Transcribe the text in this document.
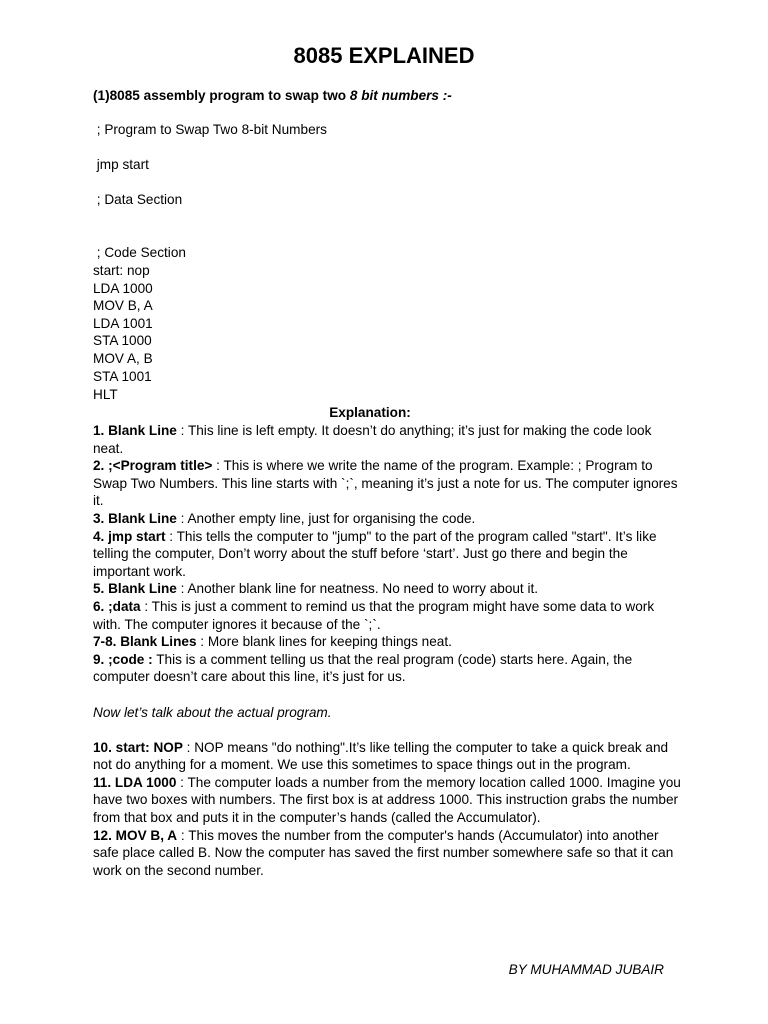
8085 EXPLAINED
(1)8085 assembly program to swap two 8 bit numbers :-
; Program to Swap Two 8-bit Numbers
jmp start
; Data Section
; Code Section
start: nop
LDA 1000
MOV B, A
LDA 1001
STA 1000
MOV A, B
STA 1001
HLT
Explanation:

1. Blank Line : This line is left empty. It doesn’t do anything; it’s just for making the code look neat.

2. ;<Program title> : This is where we write the name of the program. Example: ; Program to Swap Two Numbers. This line starts with `;`, meaning it’s just a note for us. The computer ignores it.

3. Blank Line : Another empty line, just for organising the code.

4. jmp start : This tells the computer to "jump" to the part of the program called "start". It’s like telling the computer, Don’t worry about the stuff before ‘start’. Just go there and begin the important work.

5. Blank Line : Another blank line for neatness. No need to worry about it.

6. ;data : This is just a comment to remind us that the program might have some data to work with. The computer ignores it because of the `;`.

7-8. Blank Lines : More blank lines for keeping things neat.

9. ;code : This is a comment telling us that the real program (code) starts here. Again, the computer doesn’t care about this line, it’s just for us.

Now let’s talk about the actual program.

10. start: NOP : NOP means "do nothing".It’s like telling the computer to take a quick break and not do anything for a moment. We use this sometimes to space things out in the program.

11. LDA 1000 : The computer loads a number from the memory location called 1000. Imagine you have two boxes with numbers. The first box is at address 1000. This instruction grabs the number from that box and puts it in the computer’s hands (called the Accumulator).

12. MOV B, A : This moves the number from the computer's hands (Accumulator) into another safe place called B. Now the computer has saved the first number somewhere safe so that it can work on the second number.

BY MUHAMMAD JUBAIR
